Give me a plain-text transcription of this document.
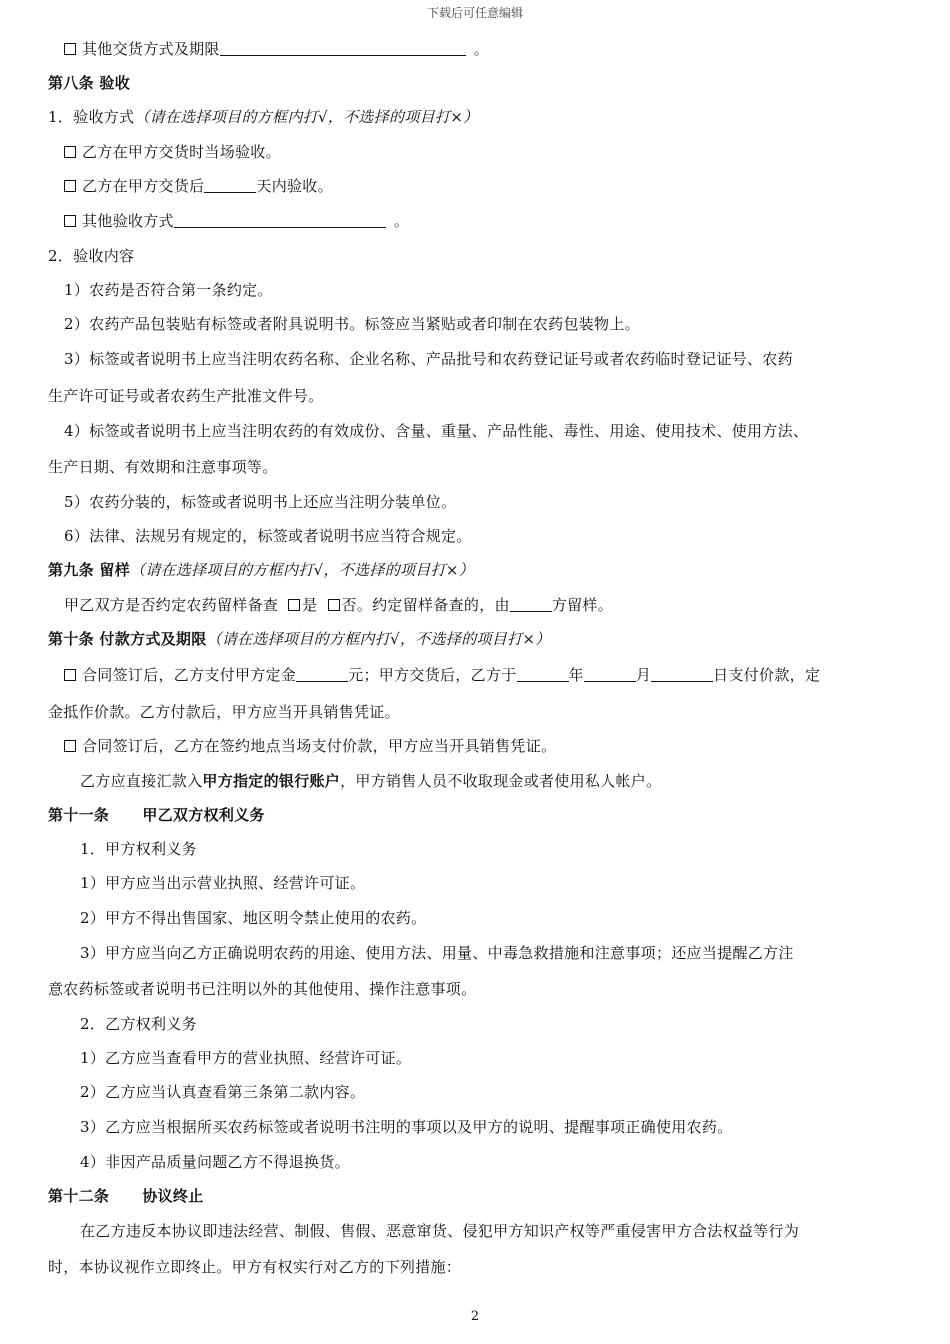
下载后可任意编辑
其他交货方式及期限	。
第八条 验收
1．验收方式（请在选择项目的方框内打√，不选择的项目打×）
乙方在甲方交货时当场验收。
乙方在甲方交货后	天内验收。
其他验收方式	。
2．验收内容
1）农药是否符合第一条约定。
2）农药产品包装贴有标签或者附具说明书。标签应当紧贴或者印制在农药包装物上。
3）标签或者说明书上应当注明农药名称、企业名称、产品批号和农药登记证号或者农药临时登记证号、农药
生产许可证号或者农药生产批准文件号。
4）标签或者说明书上应当注明农药的有效成份、含量、重量、产品性能、毒性、用途、使用技术、使用方法、
生产日期、有效期和注意事项等。
5）农药分装的，标签或者说明书上还应当注明分装单位。
6）法律、法规另有规定的，标签或者说明书应当符合规定。
第九条 留样（请在选择项目的方框内打√，不选择的项目打×）
甲乙双方是否约定农药留样备查 是 否。约定留样备查的，由	方留样。
第十条 付款方式及期限（请在选择项目的方框内打√，不选择的项目打×）
合同签订后，乙方支付甲方定金	元；甲方交货后，乙方于	年	月	日支付价款，定
金抵作价款。乙方付款后，甲方应当开具销售凭证。
合同签订后，乙方在签约地点当场支付价款，甲方应当开具销售凭证。
乙方应直接汇款入甲方指定的银行账户，甲方销售人员不收取现金或者使用私人帐户。
第十一条      甲乙双方权利义务
1．甲方权利义务
1）甲方应当出示营业执照、经营许可证。
2）甲方不得出售国家、地区明令禁止使用的农药。
3）甲方应当向乙方正确说明农药的用途、使用方法、用量、中毒急救措施和注意事项；还应当提醒乙方注
意农药标签或者说明书已注明以外的其他使用、操作注意事项。
2．乙方权利义务
1）乙方应当查看甲方的营业执照、经营许可证。
2）乙方应当认真查看第三条第二款内容。
3）乙方应当根据所买农药标签或者说明书注明的事项以及甲方的说明、提醒事项正确使用农药。
4）非因产品质量问题乙方不得退换货。
第十二条      协议终止
在乙方违反本协议即违法经营、制假、售假、恶意窜货、侵犯甲方知识产权等严重侵害甲方合法权益等行为
时，本协议视作立即终止。甲方有权实行对乙方的下列措施：
2
